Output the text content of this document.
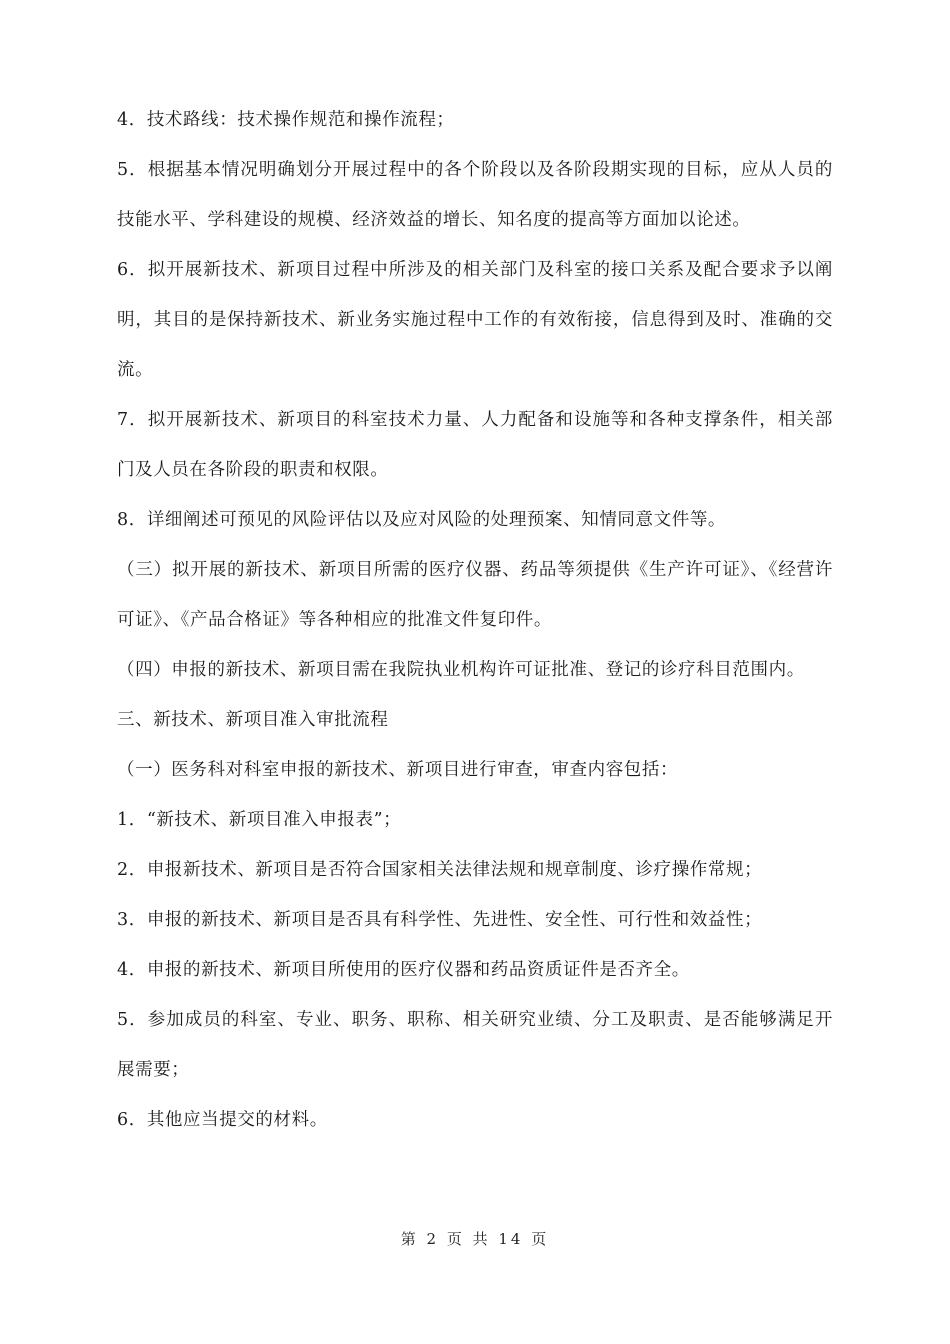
4．技术路线：技术操作规范和操作流程；

5．根据基本情况明确划分开展过程中的各个阶段以及各阶段期实现的目标，应从人员的技能水平、学科建设的规模、经济效益的增长、知名度的提高等方面加以论述。

6．拟开展新技术、新项目过程中所涉及的相关部门及科室的接口关系及配合要求予以阐明，其目的是保持新技术、新业务实施过程中工作的有效衔接，信息得到及时、准确的交流。

7．拟开展新技术、新项目的科室技术力量、人力配备和设施等和各种支撑条件，相关部门及人员在各阶段的职责和权限。

8．详细阐述可预见的风险评估以及应对风险的处理预案、知情同意文件等。

（三）拟开展的新技术、新项目所需的医疗仪器、药品等须提供《生产许可证》、《经营许可证》、《产品合格证》等各种相应的批准文件复印件。

（四）申报的新技术、新项目需在我院执业机构许可证批准、登记的诊疗科目范围内。

三、新技术、新项目准入审批流程

（一）医务科对科室申报的新技术、新项目进行审查，审查内容包括：

1．“新技术、新项目准入申报表”；

2．申报新技术、新项目是否符合国家相关法律法规和规章制度、诊疗操作常规；

3．申报的新技术、新项目是否具有科学性、先进性、安全性、可行性和效益性；

4．申报的新技术、新项目所使用的医疗仪器和药品资质证件是否齐全。

5．参加成员的科室、专业、职务、职称、相关研究业绩、分工及职责、是否能够满足开展需要；

6．其他应当提交的材料。

第 2 页 共 14 页
